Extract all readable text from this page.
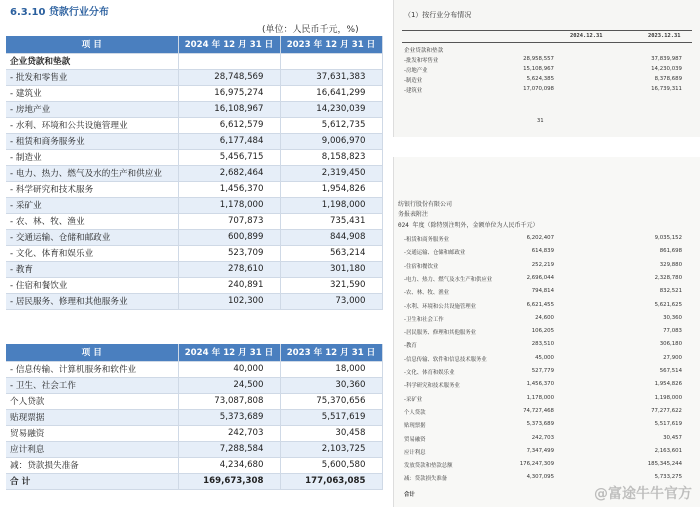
6.3.10 贷款行业分布
(单位：人民币千元，%)
项 目	2024 年 12 月 31 日	2023 年 12 月 31 日
企业贷款和垫款		
- 批发和零售业	28,748,569	37,631,383
- 建筑业	16,975,274	16,641,299
- 房地产业	16,108,967	14,230,039
- 水利、环境和公共设施管理业	6,612,579	5,612,735
- 租赁和商务服务业	6,177,484	9,006,970
- 制造业	5,456,715	8,158,823
- 电力、热力、燃气及水的生产和供应业	2,682,464	2,319,450
- 科学研究和技术服务	1,456,370	1,954,826
- 采矿业	1,178,000	1,198,000
- 农、林、牧、渔业	707,873	735,431
- 交通运输、仓储和邮政业	600,899	844,908
- 文化、体育和娱乐业	523,709	563,214
- 教育	278,610	301,180
- 住宿和餐饮业	240,891	321,590
- 居民服务、修理和其他服务业	102,300	73,000
项 目	2024 年 12 月 31 日	2023 年 12 月 31 日
- 信息传输、计算机服务和软件业	40,000	18,000
- 卫生、社会工作	24,500	30,360
个人贷款	73,087,808	75,370,656
贴现票据	5,373,689	5,517,619
贸易融资	242,703	30,458
应计利息	7,288,584	2,103,725
减：贷款损失准备	4,234,680	5,600,580
合 计	169,673,308	177,063,085
（1）按行业分布情况
2024.12.31	2023.12.31
企业贷款和垫款
-批发和零售业	28,958,557	37,839,987
-房地产业	15,108,967	14,230,039
-制造业	5,624,385	8,378,689
-建筑业	17,070,098	16,739,311
31
纺银行股份有限公司
务报表附注
024 年度（除特别注明外，金额单位为人民币千元）
-租赁和商务服务业	6,202,407	9,035,152
-交通运输、仓储和邮政业	614,839	861,698
-住宿和餐饮业	252,219	329,880
-电力、热力、燃气及水生产和供应业	2,696,044	2,328,780
-农、林、牧、渔业	794,814	832,521
-水利、环境和公共设施管理业	6,621,455	5,621,625
-卫生和社会工作	24,600	30,360
-居民服务、修理和其他服务业	106,205	77,083
-教育	283,510	306,180
-信息传输、软件和信息技术服务业	45,000	27,900
-文化、体育和娱乐业	527,779	567,514
-科学研究和技术服务业	1,456,370	1,954,826
-采矿业	1,178,000	1,198,000
个人贷款	74,727,468	77,277,622
贴现票据	5,373,689	5,517,619
贸易融资	242,703	30,457
应计利息	7,347,499	2,163,601
发放贷款和垫款总额	176,247,309	185,345,244
减：贷款损失准备	4,307,095	5,733,275
合计	@富途牛牛官方
